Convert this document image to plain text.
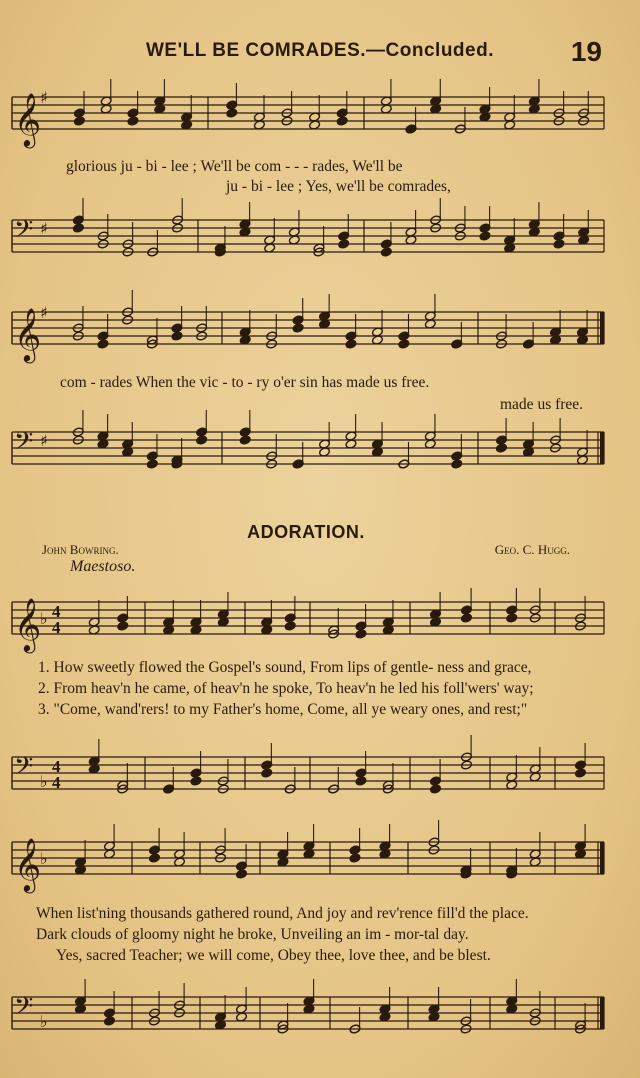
WE'LL BE COMRADES.—Concluded.	19
𝄞
♯
glorious ju - bi - lee ; We'll be com - - - rades, We'll be
ju - bi - lee ; Yes, we'll be comrades,
𝄢 ♯
𝄞
♯
com - rades When the vic - to - ry o'er sin has made us free.
made us free.
𝄢 ♯
ADORATION.
John Bowring.	Geo. C. Hugg.
Maestoso.
𝄞
♭ 4
4
1. How sweetly flowed the Gospel's sound, From lips of gentle- ness and grace,
2. From heav'n he came, of heav'n he spoke, To heav'n he led his foll'wers' way;
3. "Come, wand'rers! to my Father's home, Come, all ye weary ones, and rest;"
𝄢 ♭
4
4
𝄞
♭
When list'ning thousands gathered round, And joy and rev'rence fill'd the place.
Dark clouds of gloomy night he broke, Unveiling an im - mor-tal day.
Yes, sacred Teacher; we will come, Obey thee, love thee, and be blest.
𝄢 ♭
